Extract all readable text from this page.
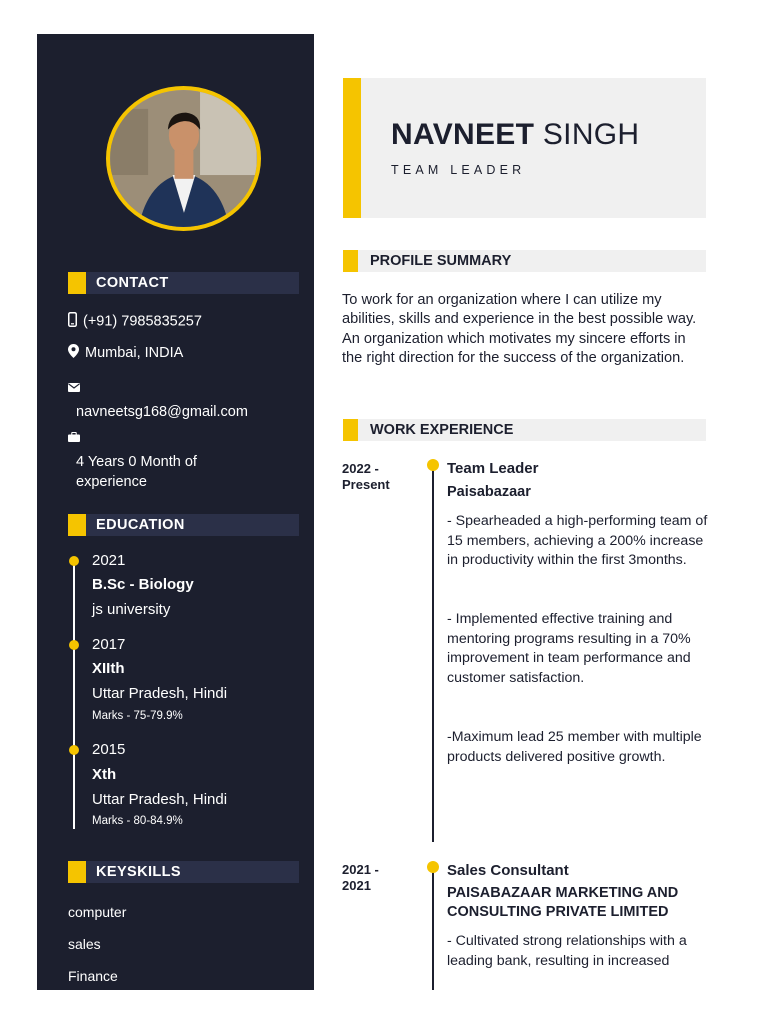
CONTACT
(+91) 7985835257
Mumbai, INDIA
navneetsg168@gmail.com
4 Years 0 Month of experience
EDUCATION
2021
B.Sc - Biology
js university
2017
XIIth
Uttar Pradesh, Hindi
Marks - 75-79.9%
2015
Xth
Uttar Pradesh, Hindi
Marks - 80-84.9%
KEYSKILLS
computer
sales
Finance
NAVNEET SINGH
TEAM LEADER
PROFILE SUMMARY
To work for an organization where I can utilize my abilities, skills and experience in the best possible way. An organization which motivates my sincere efforts in the right direction for the success of the organization.
WORK EXPERIENCE
2022 - Present
Team Leader
Paisabazaar
- Spearheaded a high-performing team of 15 members, achieving a 200% increase in productivity within the first 3months.
- Implemented effective training and mentoring programs resulting in a 70% improvement in team performance and customer satisfaction.
-Maximum lead 25 member with multiple products delivered positive growth.
2021 - 2021
Sales Consultant
PAISABAZAAR MARKETING AND CONSULTING PRIVATE LIMITED
- Cultivated strong relationships with a leading bank, resulting in increased
